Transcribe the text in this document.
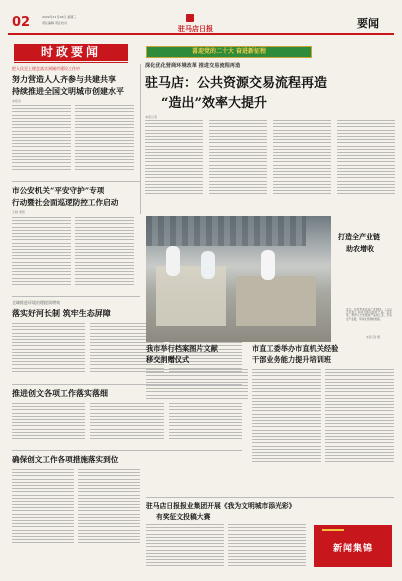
02	2022年11月16日 星期三
责任编辑 责任校对
驻马店日报	要闻
时政要闻	喜迎党的二十大 奋进新征程
深化优化营商环境改革 推进交易流程再造
驻马店：公共资源交易流程再造
“造出”效率大提升
本报记者
把人民至上理念落实到城市建设工作中
努力营造人人齐参与共建共享
持续推进全国文明城市创建水平
本报讯
市公安机关“平安守护”专项
行动暨社会面巡逻防控工作启动
王晓 黄凯
全域推进环境治理提质增效
落实好河长制 筑牢生态屏障
推进创文各项工作落实落细
确保创文工作各项措施落实到位
打造全产业链
助农增收
近日，在我市某农业产业园内，工人们正在加工车间分拣包装农产品。近年来，我市大力发展农产品加工业，打造全产业链，带动农民增收致富。
本报记者 摄
我市举行档案图片文献
移交捐赠仪式
市直工委举办市直机关经验
干部业务能力提升培训班
驻马店日报报业集团开展《我为文明城市添光彩》
有奖征文投稿大赛
新闻集锦
